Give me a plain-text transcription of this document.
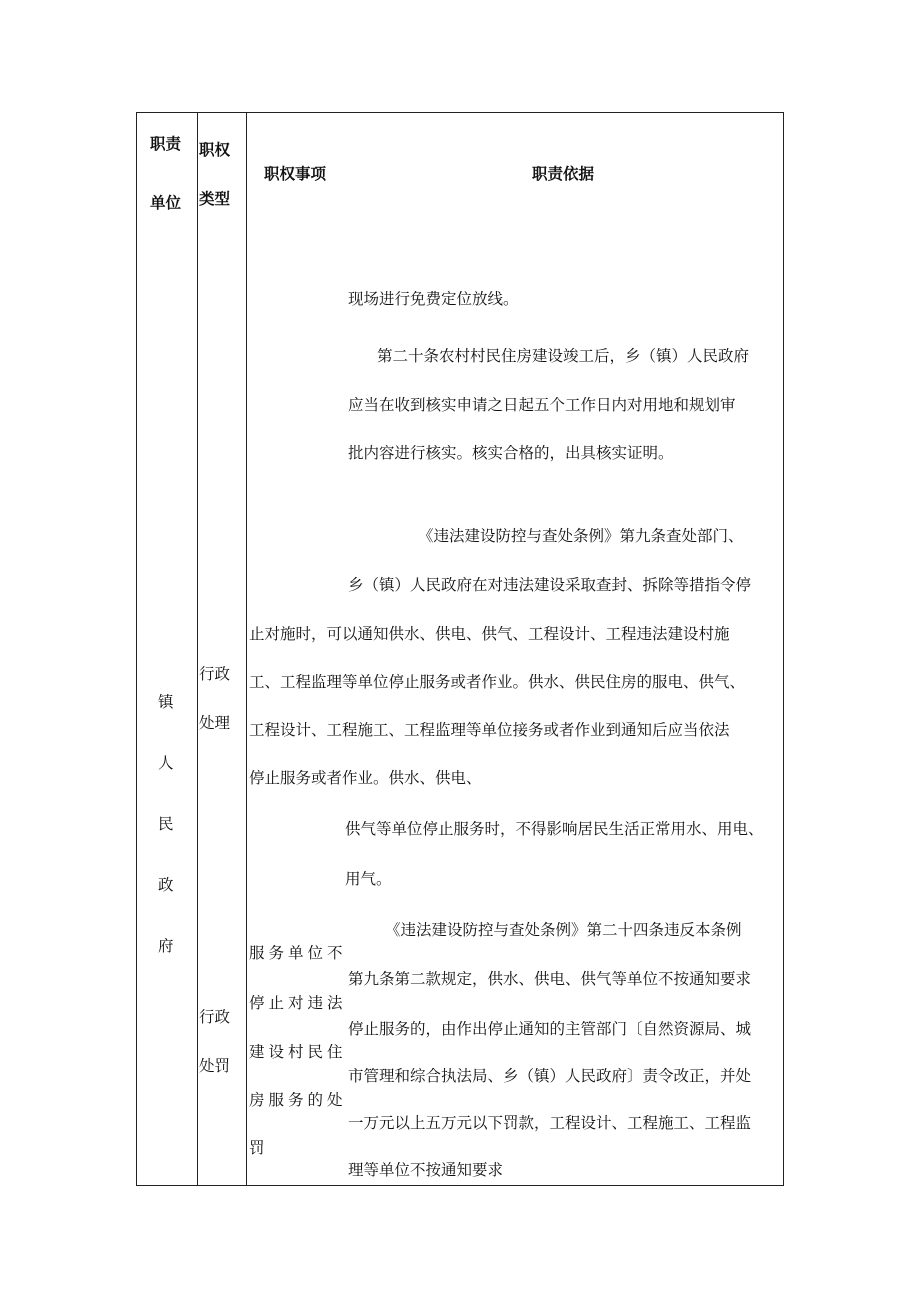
职责
单位
职权
类型
职权事项	职责依据
镇
人
民
政
府
现场进行免费定位放线。
第二十条农村村民住房建设竣工后，乡（镇）人民政府
应当在收到核实申请之日起五个工作日内对用地和规划审
批内容进行核实。核实合格的，出具核实证明。
行政
处理
《违法建设防控与查处条例》第九条查处部门、
乡（镇）人民政府在对违法建设采取查封、拆除等措指令停
止对施时，可以通知供水、供电、供气、工程设计、工程违法建设村施
工、工程监理等单位停止服务或者作业。供水、供民住房的服电、供气、
工程设计、工程施工、工程监理等单位接务或者作业到通知后应当依法
停止服务或者作业。供水、供电、
供气等单位停止服务时，不得影响居民生活正常用水、用电、
用气。
行政
处罚
服务单位不
停止对违法
建设村民住
房服务的处
罚
《违法建设防控与查处条例》第二十四条违反本条例
第九条第二款规定，供水、供电、供气等单位不按通知要求
停止服务的，由作出停止通知的主管部门〔自然资源局、城
市管理和综合执法局、乡（镇）人民政府〕责令改正，并处
一万元以上五万元以下罚款，工程设计、工程施工、工程监
理等单位不按通知要求
